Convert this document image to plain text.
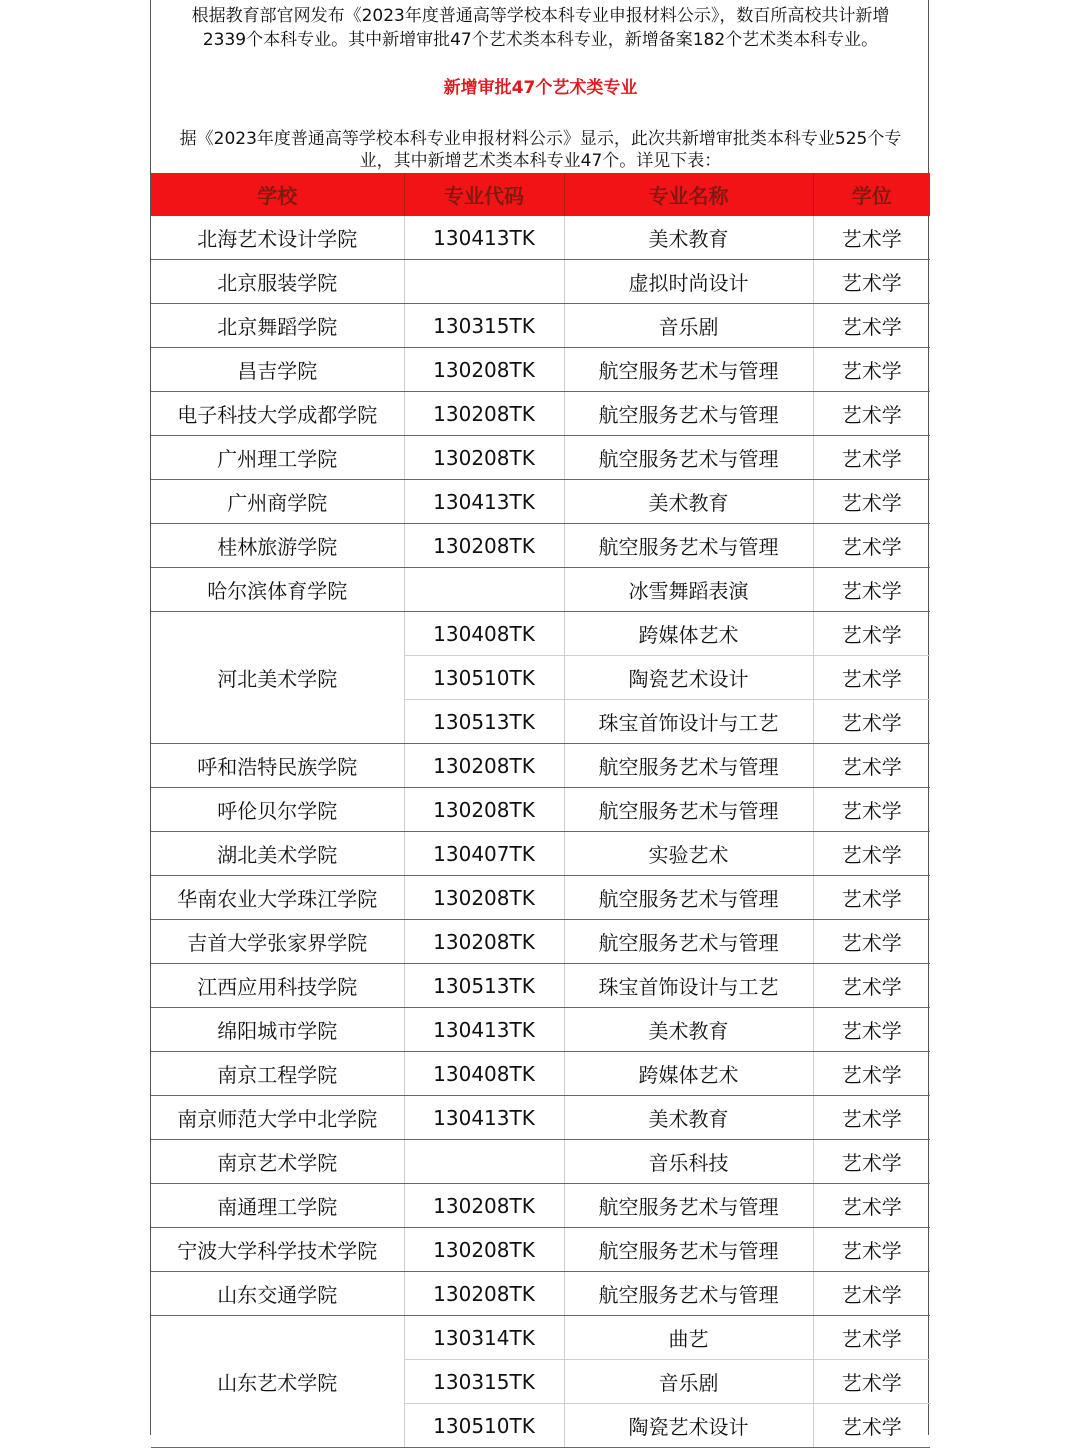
根据教育部官网发布《2023年度普通高等学校本科专业申报材料公示》，数百所高校共计新增
2339个本科专业。其中新增审批47个艺术类本科专业，新增备案182个艺术类本科专业。
新增审批47个艺术类专业
据《2023年度普通高等学校本科专业申报材料公示》显示，此次共新增审批类本科专业525个专
业，其中新增艺术类本科专业47个。详见下表：
学校	专业代码	专业名称	学位
北海艺术设计学院	130413TK	美术教育	艺术学
北京服装学院		虚拟时尚设计	艺术学
北京舞蹈学院	130315TK	音乐剧	艺术学
昌吉学院	130208TK	航空服务艺术与管理	艺术学
电子科技大学成都学院	130208TK	航空服务艺术与管理	艺术学
广州理工学院	130208TK	航空服务艺术与管理	艺术学
广州商学院	130413TK	美术教育	艺术学
桂林旅游学院	130208TK	航空服务艺术与管理	艺术学
哈尔滨体育学院		冰雪舞蹈表演	艺术学
河北美术学院	130408TK	跨媒体艺术	艺术学
	130510TK	陶瓷艺术设计	艺术学
	130513TK	珠宝首饰设计与工艺	艺术学
呼和浩特民族学院	130208TK	航空服务艺术与管理	艺术学
呼伦贝尔学院	130208TK	航空服务艺术与管理	艺术学
湖北美术学院	130407TK	实验艺术	艺术学
华南农业大学珠江学院	130208TK	航空服务艺术与管理	艺术学
吉首大学张家界学院	130208TK	航空服务艺术与管理	艺术学
江西应用科技学院	130513TK	珠宝首饰设计与工艺	艺术学
绵阳城市学院	130413TK	美术教育	艺术学
南京工程学院	130408TK	跨媒体艺术	艺术学
南京师范大学中北学院	130413TK	美术教育	艺术学
南京艺术学院		音乐科技	艺术学
南通理工学院	130208TK	航空服务艺术与管理	艺术学
宁波大学科学技术学院	130208TK	航空服务艺术与管理	艺术学
山东交通学院	130208TK	航空服务艺术与管理	艺术学
山东艺术学院	130314TK	曲艺	艺术学
	130315TK	音乐剧	艺术学
	130510TK	陶瓷艺术设计	艺术学
